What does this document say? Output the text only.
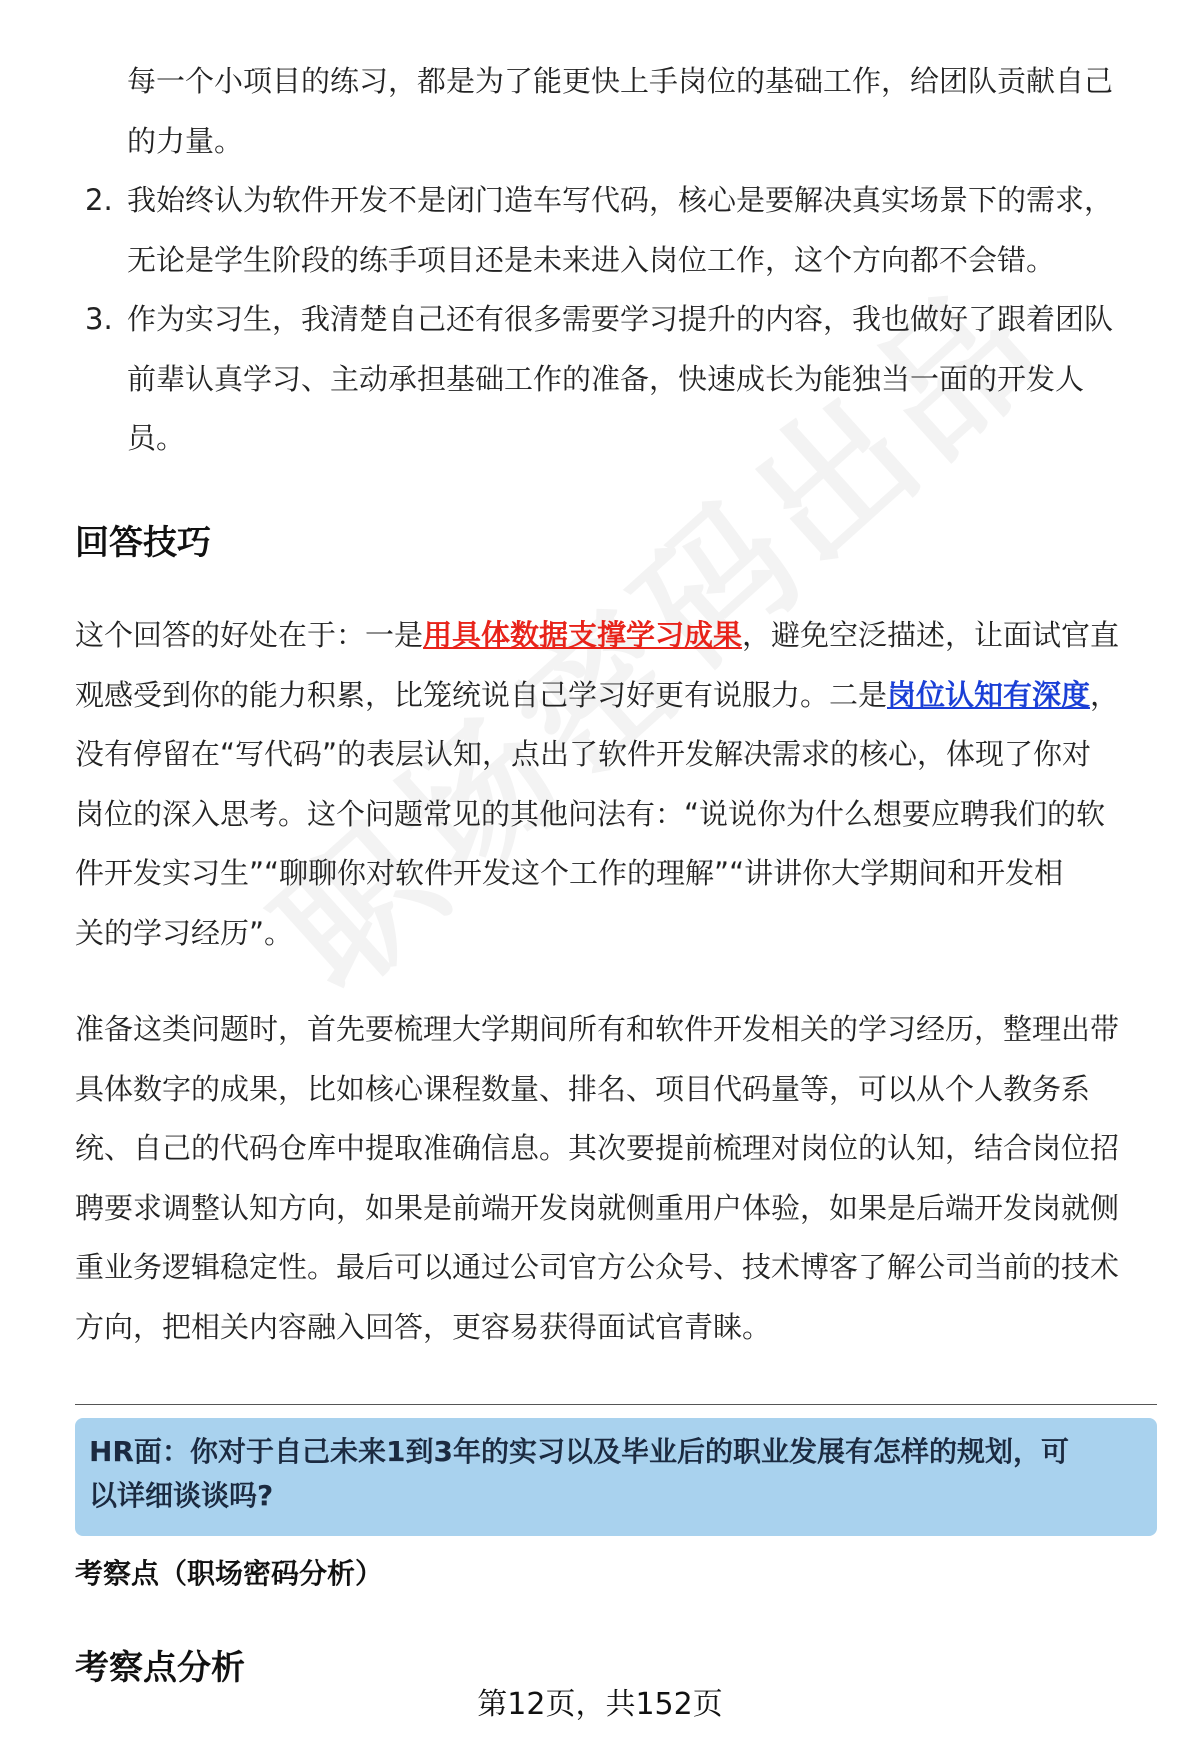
每一个小项目的练习，都是为了能更快上手岗位的基础工作，给团队贡献自己
的力量。
2. 我始终认为软件开发不是闭门造车写代码，核心是要解决真实场景下的需求，
无论是学生阶段的练手项目还是未来进入岗位工作，这个方向都不会错。
3. 作为实习生，我清楚自己还有很多需要学习提升的内容，我也做好了跟着团队
前辈认真学习、主动承担基础工作的准备，快速成长为能独当一面的开发人
员。
回答技巧

这个回答的好处在于：一是用具体数据支撑学习成果，避免空泛描述，让面试官直
观感受到你的能力积累，比笼统说自己学习好更有说服力。二是岗位认知有深度，
没有停留在“写代码”的表层认知，点出了软件开发解决需求的核心，体现了你对
岗位的深入思考。这个问题常见的其他问法有：“说说你为什么想要应聘我们的软
件开发实习生”“聊聊你对软件开发这个工作的理解”“讲讲你大学期间和开发相
关的学习经历”。

准备这类问题时，首先要梳理大学期间所有和软件开发相关的学习经历，整理出带
具体数字的成果，比如核心课程数量、排名、项目代码量等，可以从个人教务系
统、自己的代码仓库中提取准确信息。其次要提前梳理对岗位的认知，结合岗位招
聘要求调整认知方向，如果是前端开发岗就侧重用户体验，如果是后端开发岗就侧
重业务逻辑稳定性。最后可以通过公司官方公众号、技术博客了解公司当前的技术
方向，把相关内容融入回答，更容易获得面试官青睐。

HR面：你对于自己未来1到3年的实习以及毕业后的职业发展有怎样的规划，可

以详细谈谈吗?

考察点（职场密码分析）

考察点分析
第12页，共152页
